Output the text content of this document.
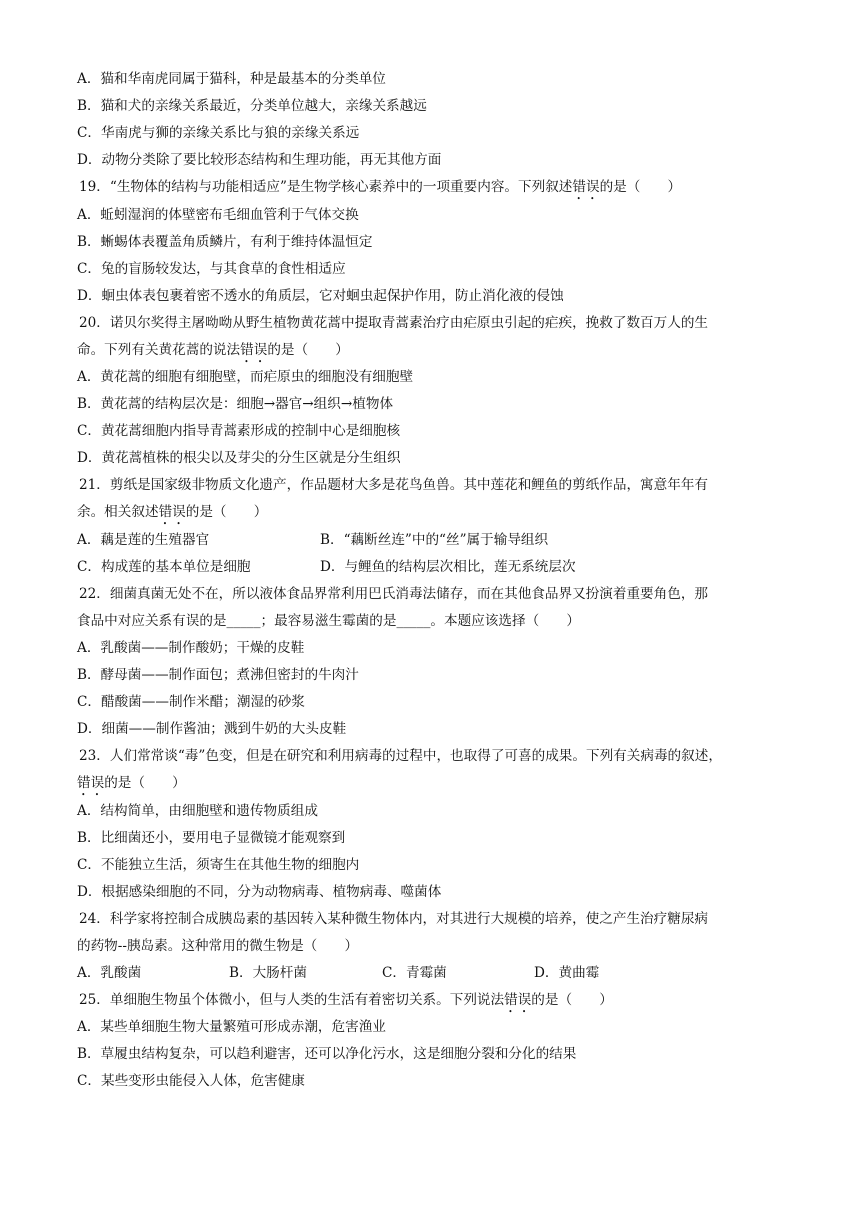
A．猫和华南虎同属于猫科，种是最基本的分类单位
B．猫和犬的亲缘关系最近，分类单位越大，亲缘关系越远
C．华南虎与狮的亲缘关系比与狼的亲缘关系远
D．动物分类除了要比较形态结构和生理功能，再无其他方面
19．“生物体的结构与功能相适应”是生物学核心素养中的一项重要内容。下列叙述错误的是（　　）
A．蚯蚓湿润的体壁密布毛细血管利于气体交换
B．蜥蜴体表覆盖角质鳞片，有利于维持体温恒定
C．兔的盲肠较发达，与其食草的食性相适应
D．蛔虫体表包裹着密不透水的角质层，它对蛔虫起保护作用，防止消化液的侵蚀
20．诺贝尔奖得主屠呦呦从野生植物黄花蒿中提取青蒿素治疗由疟原虫引起的疟疾，挽救了数百万人的生
命。下列有关黄花蒿的说法错误的是（　　）
A．黄花蒿的细胞有细胞壁，而疟原虫的细胞没有细胞壁
B．黄花蒿的结构层次是：细胞→器官→组织→植物体
C．黄花蒿细胞内指导青蒿素形成的控制中心是细胞核
D．黄花蒿植株的根尖以及芽尖的分生区就是分生组织
21．剪纸是国家级非物质文化遗产，作品题材大多是花鸟鱼兽。其中莲花和鲤鱼的剪纸作品，寓意年年有
余。相关叙述错误的是（　　）
A．藕是莲的生殖器官	B．“藕断丝连”中的“丝”属于输导组织
C．构成莲的基本单位是细胞	D．与鲤鱼的结构层次相比，莲无系统层次
22．细菌真菌无处不在，所以液体食品界常利用巴氏消毒法储存，而在其他食品界又扮演着重要角色，那
食品中对应关系有误的是_____；最容易滋生霉菌的是_____。本题应该选择（　　）
A．乳酸菌——制作酸奶；干燥的皮鞋
B．酵母菌——制作面包；煮沸但密封的牛肉汁
C．醋酸菌——制作米醋；潮湿的砂浆
D．细菌——制作酱油；溅到牛奶的大头皮鞋
23．人们常常谈“毒”色变，但是在研究和利用病毒的过程中，也取得了可喜的成果。下列有关病毒的叙述，
错误的是（　　）
A．结构简单，由细胞壁和遗传物质组成
B．比细菌还小，要用电子显微镜才能观察到
C．不能独立生活，须寄生在其他生物的细胞内
D．根据感染细胞的不同，分为动物病毒、植物病毒、噬菌体
24．科学家将控制合成胰岛素的基因转入某种微生物体内，对其进行大规模的培养，使之产生治疗糖尿病
的药物--胰岛素。这种常用的微生物是（　　）
A．乳酸菌	B．大肠杆菌	C．青霉菌	D．黄曲霉
25．单细胞生物虽个体微小，但与人类的生活有着密切关系。下列说法错误的是（　　）
A．某些单细胞生物大量繁殖可形成赤潮，危害渔业
B．草履虫结构复杂，可以趋利避害，还可以净化污水，这是细胞分裂和分化的结果
C．某些变形虫能侵入人体，危害健康
